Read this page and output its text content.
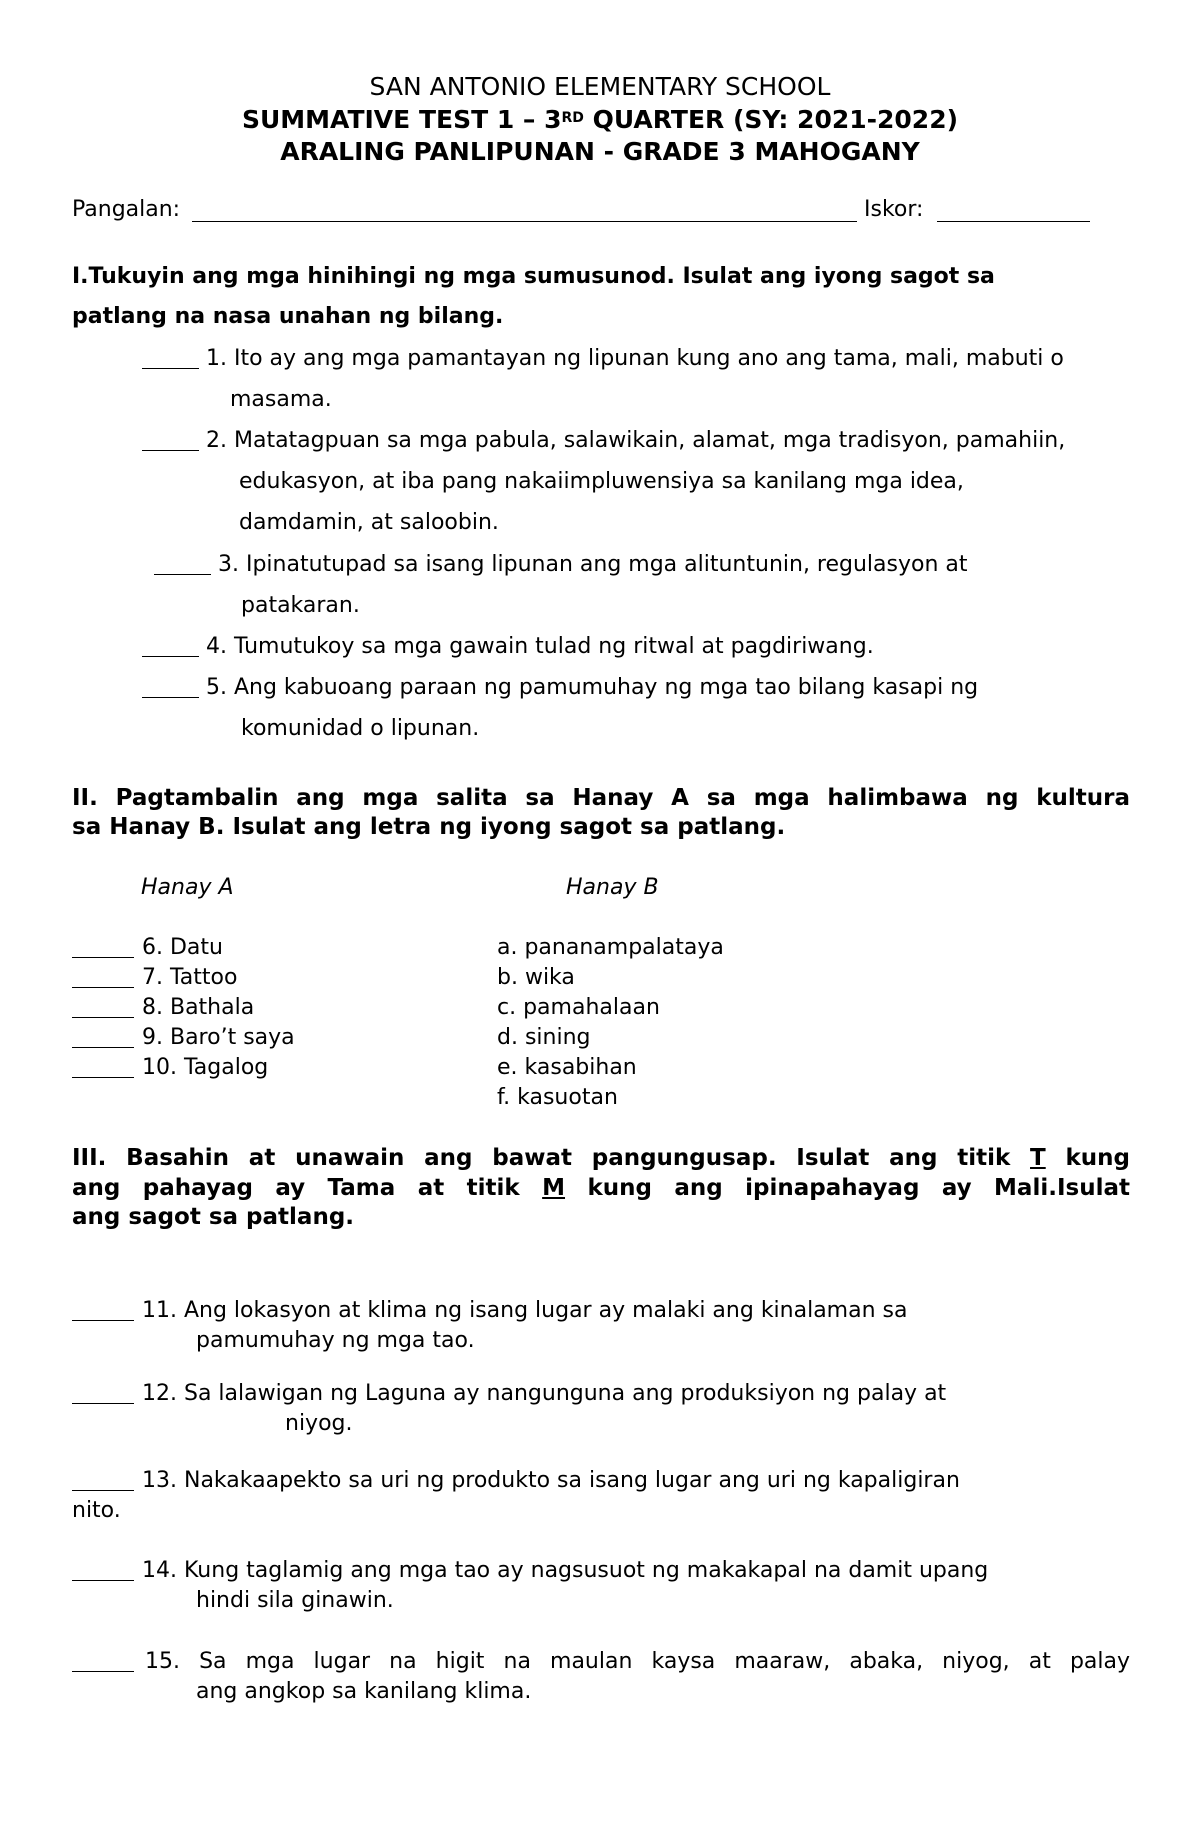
SAN ANTONIO ELEMENTARY SCHOOL
SUMMATIVE TEST 1 – 3RD QUARTER (SY: 2021-2022)
ARALING PANLIPUNAN - GRADE 3 MAHOGANY
Pangalan:	Iskor:
I.Tukuyin ang mga hinihingi ng mga sumusunod. Isulat ang iyong sagot sa
patlang na nasa unahan ng bilang.
1. Ito ay ang mga pamantayan ng lipunan kung ano ang tama, mali, mabuti o
masama.
2. Matatagpuan sa mga pabula, salawikain, alamat, mga tradisyon, pamahiin,
edukasyon, at iba pang nakaiimpluwensiya sa kanilang mga idea,
damdamin, at saloobin.
3. Ipinatutupad sa isang lipunan ang mga alituntunin, regulasyon at
patakaran.
4. Tumutukoy sa mga gawain tulad ng ritwal at pagdiriwang.
5. Ang kabuoang paraan ng pamumuhay ng mga tao bilang kasapi ng
komunidad o lipunan.
II. Pagtambalin ang mga salita sa Hanay A sa mga halimbawa ng kultura
sa Hanay B. Isulat ang letra ng iyong sagot sa patlang.
Hanay A	Hanay B
6. Datu
7. Tattoo
8. Bathala
9. Baro’t saya
10. Tagalog
a. pananampalataya
b. wika
c. pamahalaan
d. sining
e. kasabihan
f. kasuotan
III. Basahin at unawain ang bawat pangungusap. Isulat ang titik T kung
ang pahayag ay Tama at titik M kung ang ipinapahayag ay Mali.Isulat
ang sagot sa patlang.
11. Ang lokasyon at klima ng isang lugar ay malaki ang kinalaman sa
pamumuhay ng mga tao.
12. Sa lalawigan ng Laguna ay nangunguna ang produksiyon ng palay at
niyog.
13. Nakakaapekto sa uri ng produkto sa isang lugar ang uri ng kapaligiran
nito.
14. Kung taglamig ang mga tao ay nagsusuot ng makakapal na damit upang
hindi sila ginawin.
15. Sa mga lugar na higit na maulan kaysa maaraw, abaka, niyog, at palay
ang angkop sa kanilang klima.
